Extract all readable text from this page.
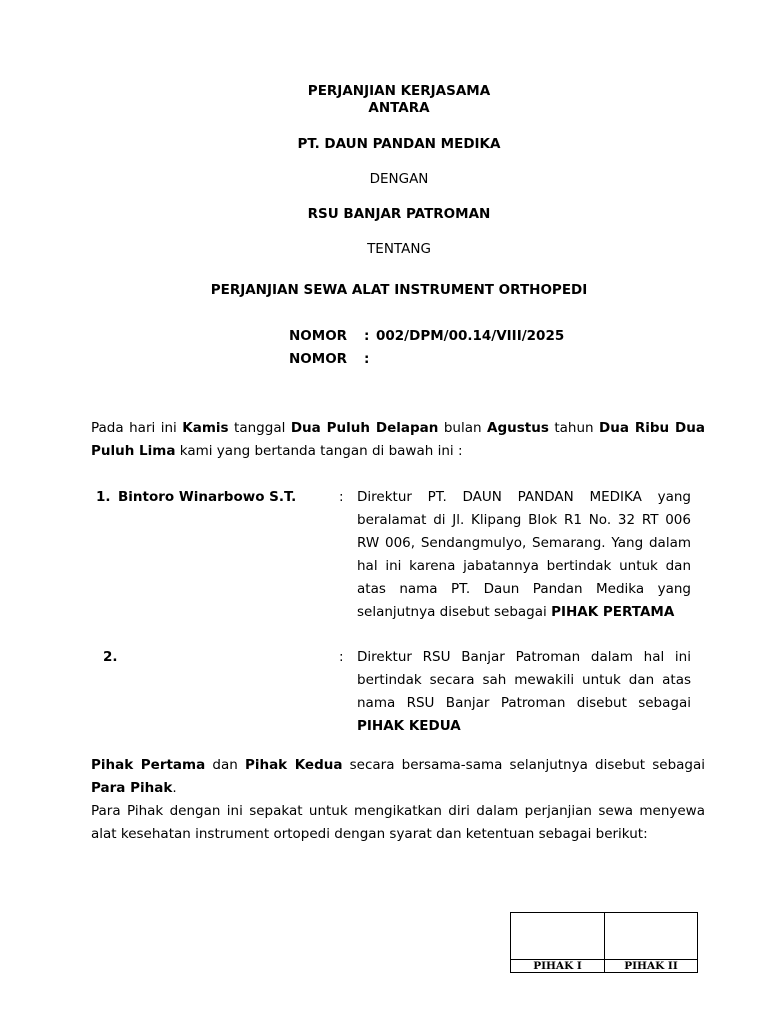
PERJANJIAN KERJASAMA
ANTARA
PT. DAUN PANDAN MEDIKA
DENGAN
RSU BANJAR PATROMAN
TENTANG
PERJANJIAN SEWA ALAT INSTRUMENT ORTHOPEDI
NOMOR : 002/DPM/00.14/VIII/2025
NOMOR :
Pada hari ini Kamis tanggal Dua Puluh Delapan bulan Agustus tahun Dua Ribu Dua Puluh Lima kami yang bertanda tangan di bawah ini :
1. Bintoro Winarbowo S.T.	: Direktur PT. DAUN PANDAN MEDIKA yang beralamat di Jl. Klipang Blok R1 No. 32 RT 006 RW 006, Sendangmulyo, Semarang. Yang dalam hal ini karena jabatannya bertindak untuk dan atas nama PT. Daun Pandan Medika yang selanjutnya disebut sebagai PIHAK PERTAMA
2.	: Direktur RSU Banjar Patroman dalam hal ini bertindak secara sah mewakili untuk dan atas nama RSU Banjar Patroman disebut sebagai PIHAK KEDUA
Pihak Pertama dan Pihak Kedua secara bersama-sama selanjutnya disebut sebagai Para Pihak.
Para Pihak dengan ini sepakat untuk mengikatkan diri dalam perjanjian sewa menyewa alat kesehatan instrument ortopedi dengan syarat dan ketentuan sebagai berikut:
PIHAK I	PIHAK II
